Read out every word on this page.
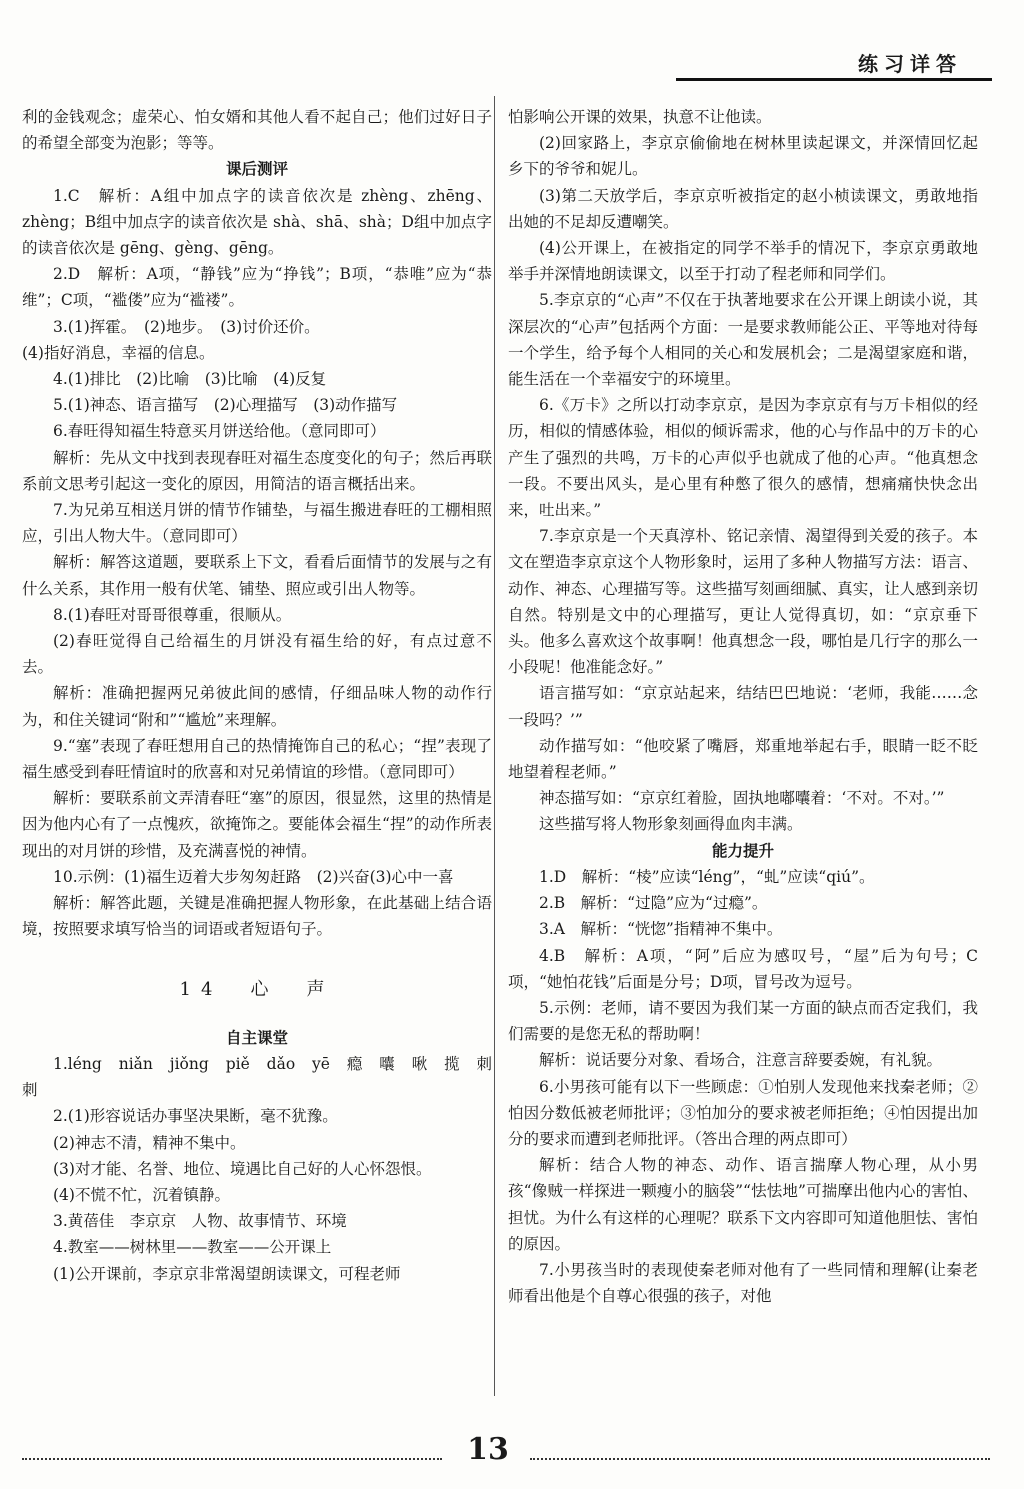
练习详答

利的金钱观念；虚荣心、怕女婿和其他人看不起自己；他们过好日子的希望全部变为泡影；等等。

课后测评

1.C　解析：A组中加点字的读音依次是 zhèng、zhēng、zhèng；B组中加点字的读音依次是 shà、shā、shà；D组中加点字的读音依次是 gēng、gèng、gēng。

2.D　解析：A项，“静钱”应为“挣钱”；B项，“恭唯”应为“恭维”；C项，“褴偻”应为“褴褛”。

3.(1)挥霍。　(2)地步。　(3)讨价还价。

(4)指好消息，幸福的信息。

4.(1)排比　(2)比喻　(3)比喻　(4)反复

5.(1)神态、语言描写　(2)心理描写　(3)动作描写

6.春旺得知福生特意买月饼送给他。（意同即可）

解析：先从文中找到表现春旺对福生态度变化的句子；然后再联系前文思考引起这一变化的原因，用简洁的语言概括出来。

7.为兄弟互相送月饼的情节作铺垫，与福生搬进春旺的工棚相照应，引出人物大牛。（意同即可）

解析：解答这道题，要联系上下文，看看后面情节的发展与之有什么关系，其作用一般有伏笔、铺垫、照应或引出人物等。

8.(1)春旺对哥哥很尊重，很顺从。

(2)春旺觉得自己给福生的月饼没有福生给的好，有点过意不去。

解析：准确把握两兄弟彼此间的感情，仔细品味人物的动作行为，和住关键词“附和”“尴尬”来理解。

9.“塞”表现了春旺想用自己的热情掩饰自己的私心；“捏”表现了福生感受到春旺情谊时的欣喜和对兄弟情谊的珍惜。（意同即可）

解析：要联系前文弄清春旺“塞”的原因，很显然，这里的热情是因为他内心有了一点愧疚，欲掩饰之。要能体会福生“捏”的动作所表现出的对月饼的珍惜，及充满喜悦的神情。

10.示例：(1)福生迈着大步匆匆赶路　(2)兴奋(3)心中一喜

解析：解答此题，关键是准确把握人物形象，在此基础上结合语境，按照要求填写恰当的词语或者短语句子。

14　心　声

自主课堂

1.léng　niǎn　jiǒng　piě　dǎo　yē　瘾　囔　啾　揽　刺刺

2.(1)形容说话办事坚决果断，毫不犹豫。

(2)神志不清，精神不集中。

(3)对才能、名誉、地位、境遇比自己好的人心怀怨恨。

(4)不慌不忙，沉着镇静。

3.黄蓓佳　李京京　人物、故事情节、环境

4.教室——树林里——教室——公开课上

(1)公开课前，李京京非常渴望朗读课文，可程老师

怕影响公开课的效果，执意不让他读。

(2)回家路上，李京京偷偷地在树林里读起课文，并深情回忆起乡下的爷爷和妮儿。

(3)第二天放学后，李京京听被指定的赵小桢读课文，勇敢地指出她的不足却反遭嘲笑。

(4)公开课上，在被指定的同学不举手的情况下，李京京勇敢地举手并深情地朗读课文，以至于打动了程老师和同学们。

5.李京京的“心声”不仅在于执著地要求在公开课上朗读小说，其深层次的“心声”包括两个方面：一是要求教师能公正、平等地对待每一个学生，给予每个人相同的关心和发展机会；二是渴望家庭和谐，能生活在一个幸福安宁的环境里。

6.《万卡》之所以打动李京京，是因为李京京有与万卡相似的经历，相似的情感体验，相似的倾诉需求，他的心与作品中的万卡的心产生了强烈的共鸣，万卡的心声似乎也就成了他的心声。“他真想念一段。不要出风头，是心里有种憋了很久的感情，想痛痛快快念出来，吐出来。”

7.李京京是一个天真淳朴、铭记亲情、渴望得到关爱的孩子。本文在塑造李京京这个人物形象时，运用了多种人物描写方法：语言、动作、神态、心理描写等。这些描写刻画细腻、真实，让人感到亲切自然。特别是文中的心理描写，更让人觉得真切，如：“京京垂下头。他多么喜欢这个故事啊！他真想念一段，哪怕是几行字的那么一小段呢！他准能念好。”

语言描写如：“京京站起来，结结巴巴地说：‘老师，我能……念一段吗？’”

动作描写如：“他咬紧了嘴唇，郑重地举起右手，眼睛一眨不眨地望着程老师。”

神态描写如：“京京红着脸，固执地嘟囔着：‘不对。不对。’”

这些描写将人物形象刻画得血肉丰满。

能力提升

1.D　解析：“棱”应读“léng”，“虬”应读“qiú”。

2.B　解析：“过隐”应为“过瘾”。

3.A　解析：“恍惚”指精神不集中。

4.B　解析：A项，“阿”后应为感叹号，“屋”后为句号；C项，“她怕花钱”后面是分号；D项，冒号改为逗号。

5.示例：老师，请不要因为我们某一方面的缺点而否定我们，我们需要的是您无私的帮助啊！

解析：说话要分对象、看场合，注意言辞要委婉，有礼貌。

6.小男孩可能有以下一些顾虑：①怕别人发现他来找秦老师；②怕因分数低被老师批评；③怕加分的要求被老师拒绝；④怕因提出加分的要求而遭到老师批评。（答出合理的两点即可）

解析：结合人物的神态、动作、语言揣摩人物心理，从小男孩“像贼一样探进一颗瘦小的脑袋”“怯怯地”可揣摩出他内心的害怕、担忧。为什么有这样的心理呢？联系下文内容即可知道他胆怯、害怕的原因。

7.小男孩当时的表现使秦老师对他有了一些同情和理解(让秦老师看出他是个自尊心很强的孩子，对他

13
